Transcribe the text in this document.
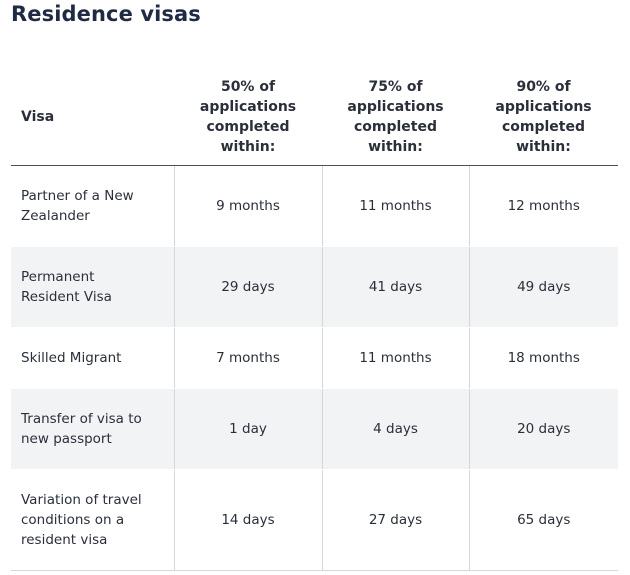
Residence visas
Visa	50% of applications completed within:	75% of applications completed within:	90% of applications completed within:
Partner of a New Zealander	9 months	11 months	12 months
Permanent Resident Visa	29 days	41 days	49 days
Skilled Migrant	7 months	11 months	18 months
Transfer of visa to new passport	1 day	4 days	20 days
Variation of travel conditions on a resident visa	14 days	27 days	65 days
